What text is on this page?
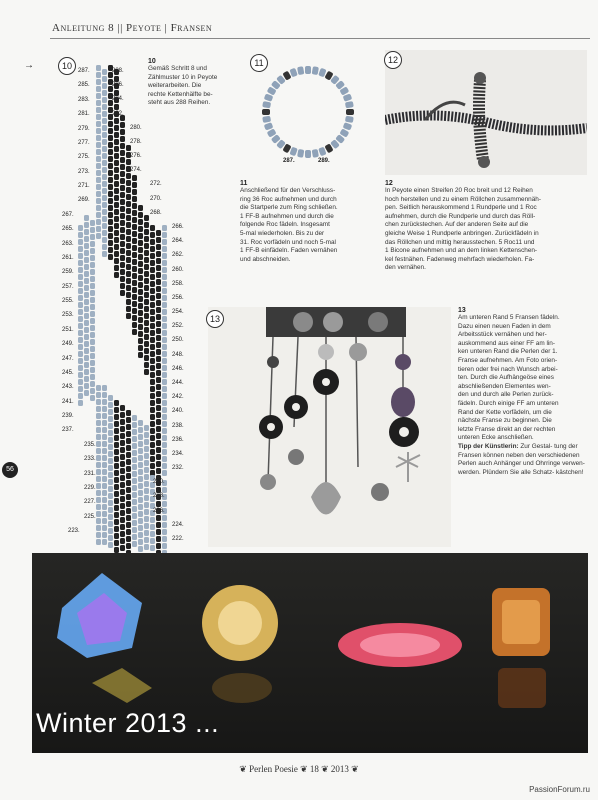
Anleitung 8 || Peyote | Fransen
→
56
10	287.
285.
283.
281.
279.
277.
275.
273.
271.
269.
267.
265.
263.
261.
259.
257.
255.
253.
251.
249.
247.
245.
243.
241.
239.
237.
235.
233.
231.
229.
227.
225.
223.
288.
286.
284.
282.
280.
278.
276.
274.
272.
270.
268.
266.
264.
262.
260.
258.
256.
254.
252.
250.
248.
246.
244.
242.
240.
238.
236.
234.
232.
230.
228.
226.
224.
222.
10
Gemäß Schritt 8 und
Zählmuster 10 in Peyote
weiterarbeiten. Die
rechte Kettenhälfte be-
steht aus 288 Reihen.
11
287.	289.
11
Anschließend für den Verschluss-
ring 36 Roc aufnehmen und durch
die Startperle zum Ring schließen.
1 FF-B aufnehmen und durch die
folgende Roc fädeln. Insgesamt
5-mal wiederholen. Bis zu der
31. Roc vorfädeln und noch 5-mal
1 FF-B einfädeln. Faden vernähen
und abschneiden.
12
12
In Peyote einen Streifen 20 Roc breit und 12 Reihen
hoch herstellen und zu einem Röllchen zusammennäh-
pen. Seitlich herauskommend 1 Rundperle und 1 Roc
aufnehmen, durch die Rundperle und durch das Röll-
chen zurückstechen. Auf der anderen Seite auf die
gleiche Weise 1 Rundperle anbringen. Zurückfädeln in
das Röllchen und mittig herausstechen. 5 Roc11 und
1 Bicone aufnehmen und an dem linken Kettenschen-
kel festnähen. Fadenweg mehrfach wiederholen. Fa-
den vernähen.
13
13
Am unteren Rand 5 Fransen fädeln.
Dazu einen neuen Faden in dem
Arbeitsstück vernähen und her-
auskommend aus einer FF am lin-
ken unteren Rand die Perlen der 1.
Franse aufnehmen. Am Foto orien-
tieren oder frei nach Wunsch arbei-
ten. Durch die Aufhängeöse eines
abschließenden Elementes wen-
den und durch alle Perlen zurück-
fädeln. Durch einige FF am unteren
Rand der Kette vorfädeln, um die
nächste Franse zu beginnen. Die
letzte Franse direkt an der rechten
unteren Ecke anschließen.
Tipp der Künstlerin: Zur Gestal- tung der Fransen können neben den verschiedenen Perlen auch Anhänger und Ohrringe verwen- werden. Plündern Sie alle Schatz- kästchen!
Winter 2013 ...
❦ Perlen Poesie ❦ 18 ❦ 2013 ❦
PassionForum.ru
